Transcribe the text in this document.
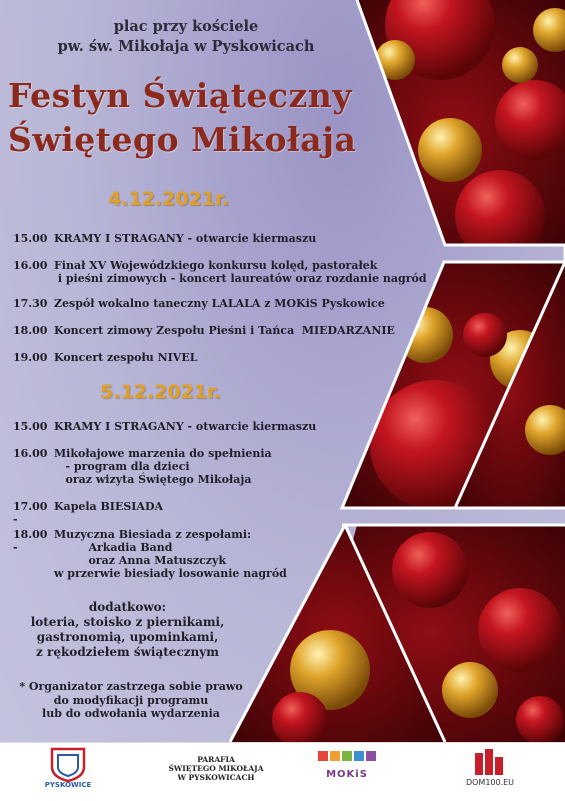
plac przy kościele
pw. św. Mikołaja w Pyskowicach
Festyn Świąteczny
Świętego Mikołaja
4.12.2021r.
15.00 KRAMY I STRAGANY - otwarcie kiermaszu
16.00 Finał XV Wojewódzkiego konkursu kolęd, pastorałek
i pieśni zimowych - koncert laureatów oraz rozdanie nagród
17.30 Zespół wokalno taneczny LALALA z MOKiS Pyskowice
18.00 Koncert zimowy Zespołu Pieśni i Tańca  MIEDARZANIE
19.00 Koncert zespołu NIVEL
5.12.2021r.
15.00 KRAMY I STRAGANY - otwarcie kiermaszu
16.00 Mikołajowe marzenia do spełnienia
- program dla dzieci
oraz wizyta Świętego Mikołaja
17.00 -Kapela BIESIADA
18.00 -Muzyczna Biesiada z zespołami:
Arkadia Band
oraz Anna Matuszczyk
w przerwie biesiady losowanie nagród
dodatkowo:
loteria, stoisko z piernikami,
gastronomią, upominkami,
z rękodziełem świątecznym
* Organizator zastrzega sobie prawo
do modyfikacji programu
lub do odwołania wydarzenia
PYSKOWICE
PARAFIA
ŚWIĘTEGO MIKOŁAJA
W PYSKOWICACH	MOKiS
DOM100.EU
